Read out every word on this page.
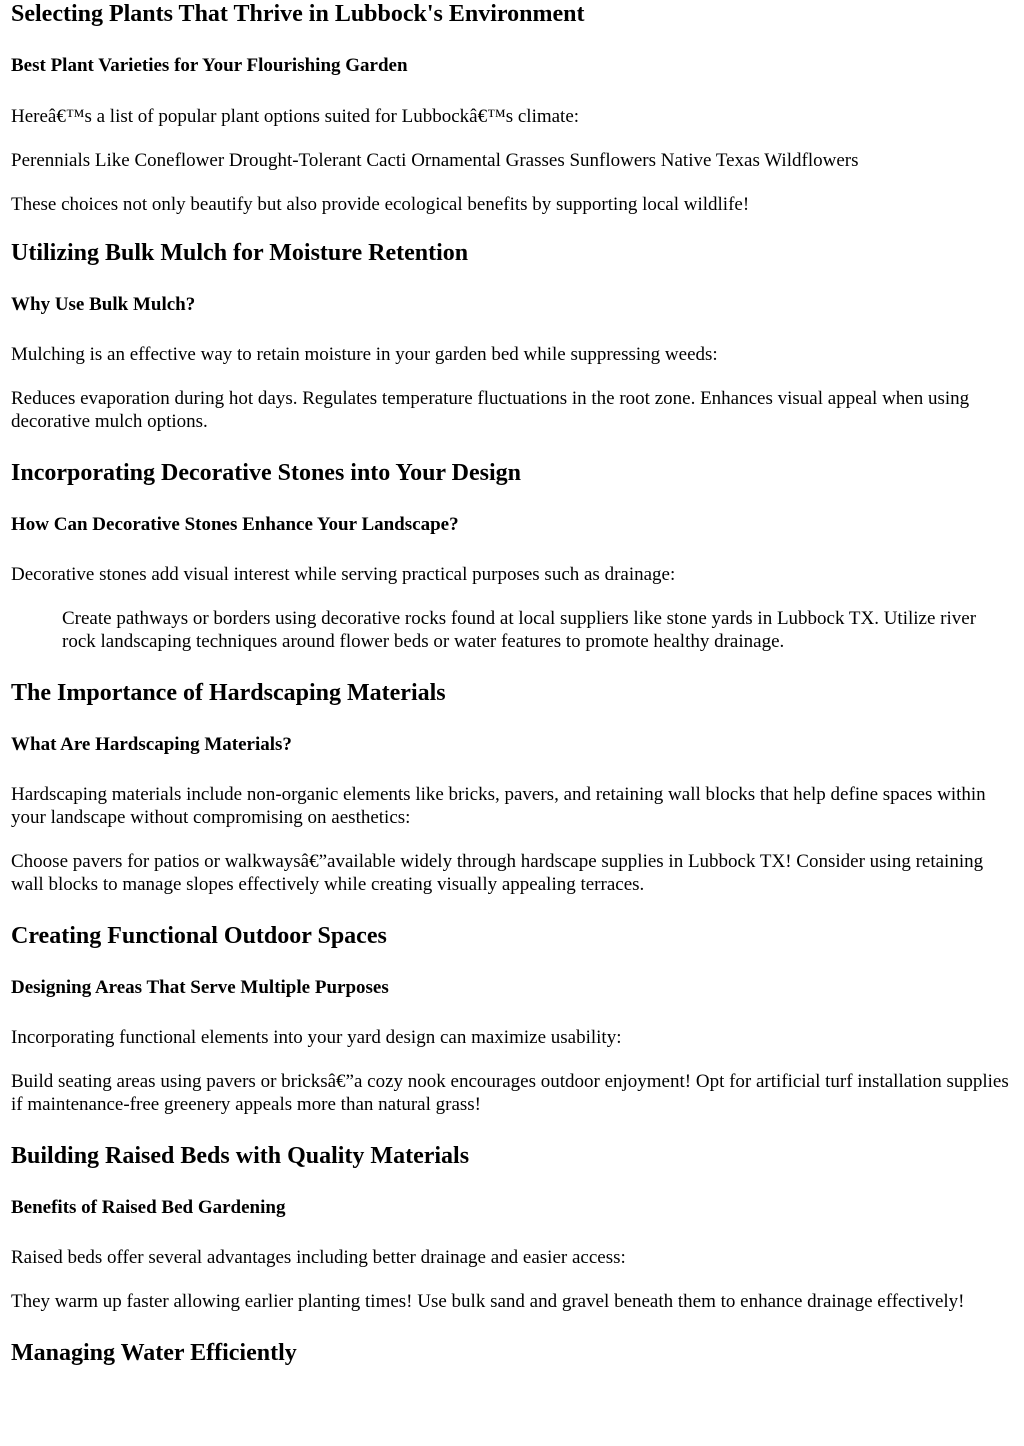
Selecting Plants That Thrive in Lubbock's Environment
Best Plant Varieties for Your Flourishing Garden

Hereâ€™s a list of popular plant options suited for Lubbockâ€™s climate:

Perennials Like Coneflower Drought-Tolerant Cacti Ornamental Grasses Sunflowers Native Texas Wildflowers

These choices not only beautify but also provide ecological benefits by supporting local wildlife!

Utilizing Bulk Mulch for Moisture Retention
Why Use Bulk Mulch?

Mulching is an effective way to retain moisture in your garden bed while suppressing weeds:

Reduces evaporation during hot days. Regulates temperature fluctuations in the root zone. Enhances visual appeal when using decorative mulch options.

Incorporating Decorative Stones into Your Design
How Can Decorative Stones Enhance Your Landscape?

Decorative stones add visual interest while serving practical purposes such as drainage:

Create pathways or borders using decorative rocks found at local suppliers like stone yards in Lubbock TX. Utilize river rock landscaping techniques around flower beds or water features to promote healthy drainage.
The Importance of Hardscaping Materials
What Are Hardscaping Materials?

Hardscaping materials include non-organic elements like bricks, pavers, and retaining wall blocks that help define spaces within your landscape without compromising on aesthetics:

Choose pavers for patios or walkwaysâ€”available widely through hardscape supplies in Lubbock TX! Consider using retaining wall blocks to manage slopes effectively while creating visually appealing terraces.

Creating Functional Outdoor Spaces
Designing Areas That Serve Multiple Purposes

Incorporating functional elements into your yard design can maximize usability:

Build seating areas using pavers or bricksâ€”a cozy nook encourages outdoor enjoyment! Opt for artificial turf installation supplies if maintenance-free greenery appeals more than natural grass!

Building Raised Beds with Quality Materials
Benefits of Raised Bed Gardening

Raised beds offer several advantages including better drainage and easier access:

They warm up faster allowing earlier planting times! Use bulk sand and gravel beneath them to enhance drainage effectively!

Managing Water Efficiently
